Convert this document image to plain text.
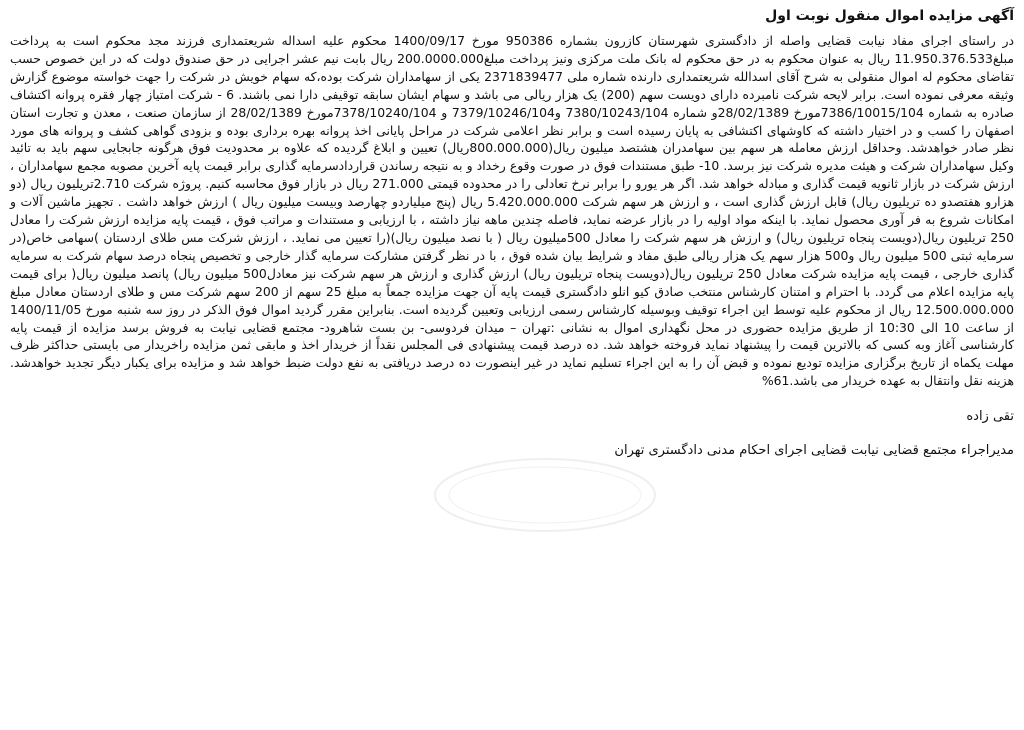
آگهی مزایده اموال منقول نوبت اول
در راستای اجرای مفاد نیابت قضایی واصله از دادگستری شهرستان کازرون بشماره 950386 مورخ 1400/09/17 محکوم علیه اسداله شریعتمداری فرزند مجد محکوم است به پرداخت مبلغ11.950.376.533 ریال به عنوان محکوم به در حق محکوم له بانک ملت مرکزی ونیز پرداخت مبلغ200.0000.000 ریال بابت نیم عشر اجرایی در حق صندوق دولت که در این خصوص حسب تقاضای محکوم له اموال منقولی به شرح آقای اسدالله شریعتمداری دارنده شماره ملی 2371839477 یکی از سهامداران شرکت بوده،که سهام خویش در شرکت را جهت خواسته موضوع گزارش وثیقه معرفی نموده است. برابر لایحه شرکت نامبرده دارای دویست سهم (200) یک هزار ریالی می باشد و سهام ایشان سابقه توقیفی دارا نمی باشند. 6 - شرکت امتیاز چهار فقره پروانه اکتشاف صادره به شماره 7386/10015/104مورخ 28/02/1389و شماره 7380/10243/104 و7379/10246/104 و 7378/10240/104مورخ 28/02/1389 از سازمان صنعت ، معدن و تجارت استان اصفهان را کسب و در اختیار داشته که کاوشهای اکتشافی به پایان رسیده است و برابر نظر اعلامی شرکت در مراحل پایانی اخذ پروانه بهره برداری بوده و بزودی گواهی کشف و پروانه های مورد نظر صادر خواهدشد. وحداقل ارزش معامله هر سهم بین سهامدران هشتصد میلیون ریال(800.000.000ریال) تعیین و ابلاغ گردیده که علاوه بر محدودیت فوق هرگونه جابجایی سهم باید به تائید وکیل سهامداران شرکت و هیئت مدیره شرکت نیز برسد. 10- طبق مستندات فوق در صورت وقوع رخداد و به نتیجه رساندن قراردادسرمایه گذاری برابر قیمت پایه آخرین مصوبه مجمع سهامداران ، ارزش شرکت در بازار ثانویه قیمت گذاری و مبادله خواهد شد. اگر هر یورو را برابر نرخ تعادلی را در محدوده قیمتی 271.000 ریال در بازار فوق محاسبه کنیم. پروژه شرکت 2.710تریلیون ریال (دو هزارو هفتصدو ده تریلیون ریال) قابل ارزش گذاری است ، و ارزش هر سهم شرکت 5.420.000.000 ریال (پنج میلیاردو چهارصد وبیست میلیون ریال ) ارزش خواهد داشت . تجهیز ماشین آلات و امکانات شروع به فر آوری محصول نماید. با اینکه مواد اولیه را در بازار عرضه نماید، فاصله چندین ماهه نیاز داشته ، با ارزیابی و مستندات و مراتب فوق ، قیمت پایه مزایده ارزش شرکت را معادل 250 تریلیون ریال(دویست پنجاه تریلیون ریال) و ارزش هر سهم شرکت را معادل 500میلیون ریال ( با نصد میلیون ریال)(را تعیین می نماید. ، ارزش شرکت مس طلای اردستان )سهامی خاص(در سرمایه ثبتی 500 میلیون ریال و500 هزار سهم یک هزار ریالی طبق مفاد و شرایط بیان شده فوق ، با در نظر گرفتن مشارکت سرمایه گذار خارجی و تخصیص پنجاه درصد سهام شرکت به سرمایه گذاری خارجی ، قیمت پایه مزایده شرکت معادل 250 تریلیون ریال(دویست پنجاه تریلیون ریال) ارزش گذاری و ارزش هر سهم شرکت نیز معادل500 میلیون ریال) پانصد میلیون ریال( برای قیمت پایه مزایده اعلام می گردد. با احترام و امتنان کارشناس منتخب صادق کیو انلو دادگستری قیمت پایه آن جهت مزایده جمعاً به مبلغ 25 سهم از 200 سهم شرکت مس و طلای اردستان معادل مبلغ 12.500.000.000 ریال از محکوم علیه توسط این اجراء توقیف وبوسیله کارشناس رسمی ارزیابی وتعیین گردیده است. بنابراین مقرر گردید اموال فوق الذکر در روز سه شنبه مورخ 1400/11/05 از ساعت 10 الی 10:30 از طریق مزایده حضوری در محل نگهداری اموال به نشانی :تهران – میدان فردوسی- بن بست شاهرود- مجتمع قضایی نیابت به فروش برسد مزایده از قیمت پایه کارشناسی آغاز وبه کسی که بالاترین قیمت را پیشنهاد نماید فروخته خواهد شد. ده درصد قیمت پیشنهادی فی المجلس نقداً از خریدار اخذ و مابقی ثمن مزایده راخریدار می بایستی حداکثر ظرف مهلت یکماه از تاریخ برگزاری مزایده تودیع نموده و قبض آن را به این اجراء تسلیم نماید در غیر اینصورت ده درصد دریافتی به نفع دولت ضبط خواهد شد و مزایده برای یکبار دیگر تجدید خواهدشد. هزینه نقل وانتقال به عهده خریدار می باشد.61%
تقی زاده
مدیراجراء مجتمع قضایی نیابت قضایی اجرای احکام مدنی دادگستری تهران
